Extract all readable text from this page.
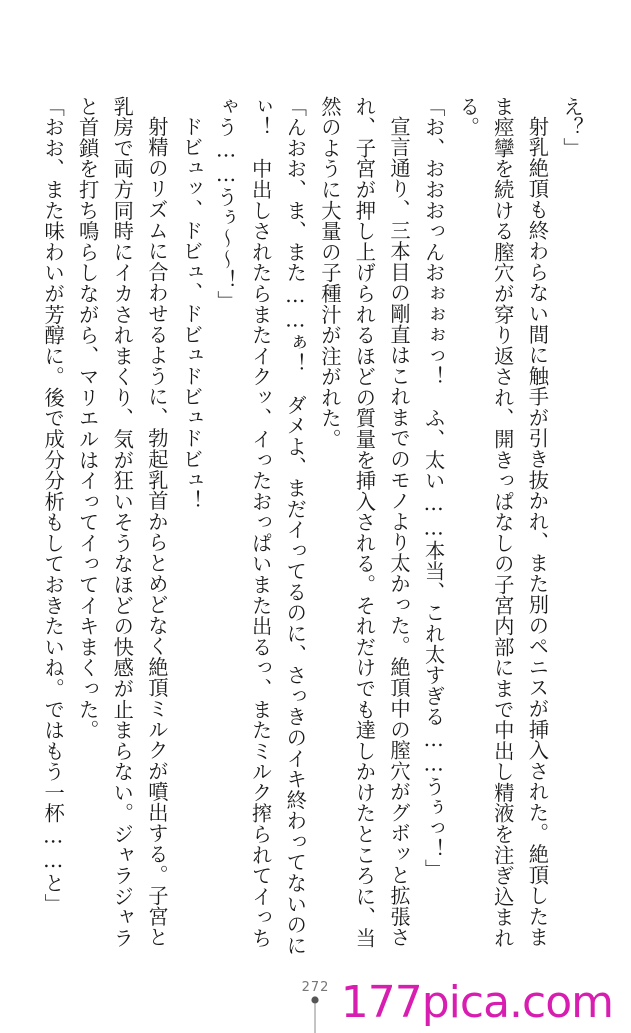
え？」

射乳絶頂も終わらない間に触手が引き抜かれ、また別のペニスが挿入された。絶頂したまま痙攣を続ける膣穴が穿り返され、開きっぱなしの子宮内部にまで中出し精液を注ぎ込まれる。

「お、おおおっんおぉぉぉっ！　ふ、太い……本当、これ太すぎる……うぅっ！」

宣言通り、三本目の剛直はこれまでのモノより太かった。絶頂中の膣穴がグボッと拡張され、子宮が押し上げられるほどの質量を挿入される。それだけでも達しかけたところに、当然のように大量の子種汁が注がれた。

「んおお、ま、また……ぁ！　ダメよ、まだイってるのに、さっきのイキ終わってないのにぃ！　中出しされたらまたイクッ、イったおっぱいまた出るっ、またミルク搾られてイっちゃう……うぅ～～！」

ドビュッ、ドビュ、ドビュドビュドビュ！

射精のリズムに合わせるように、勃起乳首からとめどなく絶頂ミルクが噴出する。子宮と乳房で両方同時にイカされまくり、気が狂いそうなほどの快感が止まらない。ジャラジャラと首鎖を打ち鳴らしながら、マリエルはイってイってイキまくった。

「おお、また味わいが芳醇に。後で成分分析もしておきたいね。ではもう一杯……と」

272 177pica.com
